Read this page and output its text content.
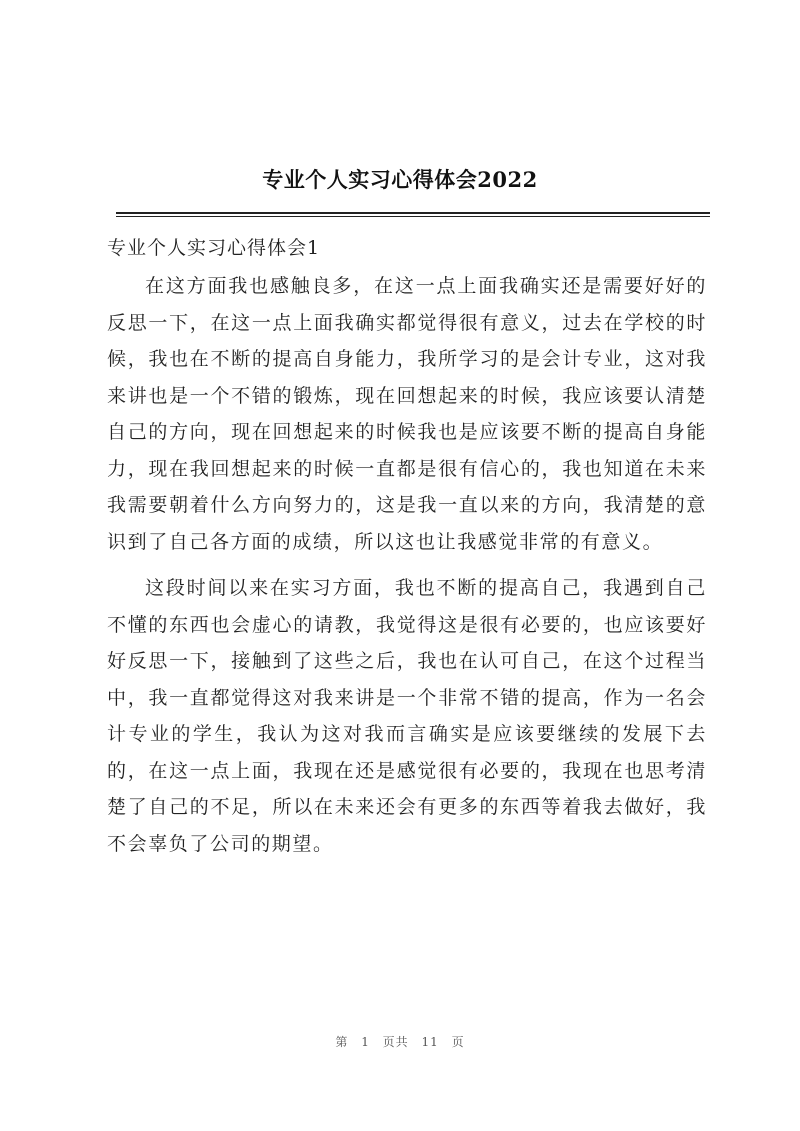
专业个人实习心得体会2022
专业个人实习心得体会1

在这方面我也感触良多，在这一点上面我确实还是需要好好的反思一下，在这一点上面我确实都觉得很有意义，过去在学校的时候，我也在不断的提高自身能力，我所学习的是会计专业，这对我来讲也是一个不错的锻炼，现在回想起来的时候，我应该要认清楚自己的方向，现在回想起来的时候我也是应该要不断的提高自身能力，现在我回想起来的时候一直都是很有信心的，我也知道在未来我需要朝着什么方向努力的，这是我一直以来的方向，我清楚的意识到了自己各方面的成绩，所以这也让我感觉非常的有意义。

这段时间以来在实习方面，我也不断的提高自己，我遇到自己不懂的东西也会虚心的请教，我觉得这是很有必要的，也应该要好好反思一下，接触到了这些之后，我也在认可自己，在这个过程当中，我一直都觉得这对我来讲是一个非常不错的提高，作为一名会计专业的学生，我认为这对我而言确实是应该要继续的发展下去的，在这一点上面，我现在还是感觉很有必要的，我现在也思考清楚了自己的不足，所以在未来还会有更多的东西等着我去做好，我不会辜负了公司的期望。

第 1 页共 11 页
